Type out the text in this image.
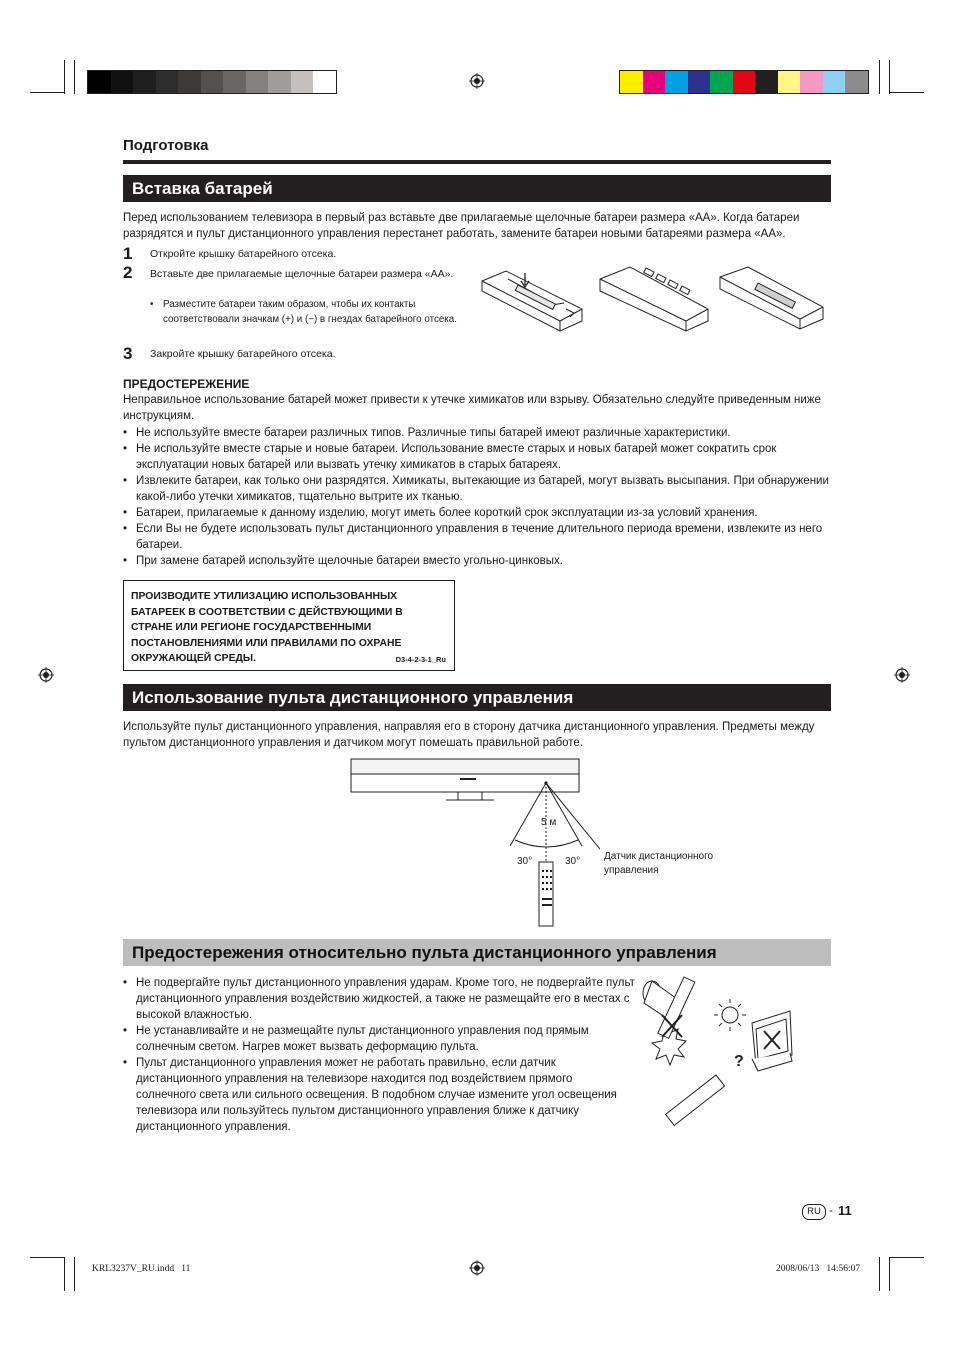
Подготовка
Вставка батарей
Перед использованием телевизора в первый раз вставьте две прилагаемые щелочные батареи размера «AA». Когда батареи разрядятся и пульт дистанционного управления перестанет работать, замените батареи новыми батареями размера «AA».
1 Откройте крышку батарейного отсека.
2 Вставьте две прилагаемые щелочные батареи размера «AA».
• Разместите батареи таким образом, чтобы их контакты соответствовали значкам (+) и (−) в гнездах батарейного отсека.
3 Закройте крышку батарейного отсека.
ПРЕДОСТЕРЕЖЕНИЕ
Неправильное использование батарей может привести к утечке химикатов или взрыву. Обязательно следуйте приведенным ниже инструкциям.
• Не используйте вместе батареи различных типов. Различные типы батарей имеют различные характеристики.
• Не используйте вместе старые и новые батареи. Использование вместе старых и новых батарей может сократить срок эксплуатации новых батарей или вызвать утечку химикатов в старых батареях.
• Извлеките батареи, как только они разрядятся. Химикаты, вытекающие из батарей, могут вызвать высыпания. При обнаружении какой-либо утечки химикатов, тщательно вытрите их тканью.
• Батареи, прилагаемые к данному изделию, могут иметь более короткий срок эксплуатации из-за условий хранения.
• Если Вы не будете использовать пульт дистанционного управления в течение длительного периода времени, извлеките из него батареи.
• При замене батарей используйте щелочные батареи вместо угольно-цинковых.
ПРОИЗВОДИТЕ УТИЛИЗАЦИЮ ИСПОЛЬЗОВАННЫХ БАТАРЕЕК В СООТВЕТСТВИИ С ДЕЙСТВУЮЩИМИ В СТРАНЕ ИЛИ РЕГИОНЕ ГОСУДАРСТВЕННЫМИ ПОСТАНОВЛЕНИЯМИ ИЛИ ПРАВИЛАМИ ПО ОХРАНЕ ОКРУЖАЮЩЕЙ СРЕДЫ.	D3-4-2-3-1_Ru
Использование пульта дистанционного управления
Используйте пульт дистанционного управления, направляя его в сторону датчика дистанционного управления. Предметы между пультом дистанционного управления и датчиком могут помешать правильной работе.
5 м
30°	30° Датчик дистанционного управления
Предостережения относительно пульта дистанционного управления
• Не подвергайте пульт дистанционного управления ударам. Кроме того, не подвергайте пульт дистанционного управления воздействию жидкостей, а также не размещайте его в местах с высокой влажностью.
• Не устанавливайте и не размещайте пульт дистанционного управления под прямым солнечным светом. Нагрев может вызвать деформацию пульта.
• Пульт дистанционного управления может не работать правильно, если датчик дистанционного управления на телевизоре находится под воздействием прямого солнечного света или сильного освещения. В подобном случае измените угол освещения телевизора или пользуйтесь пультом дистанционного управления ближе к датчику дистанционного управления.
?
RU - 11
KRL3237V_RU.indd   11	2008/06/13   14:56:07
